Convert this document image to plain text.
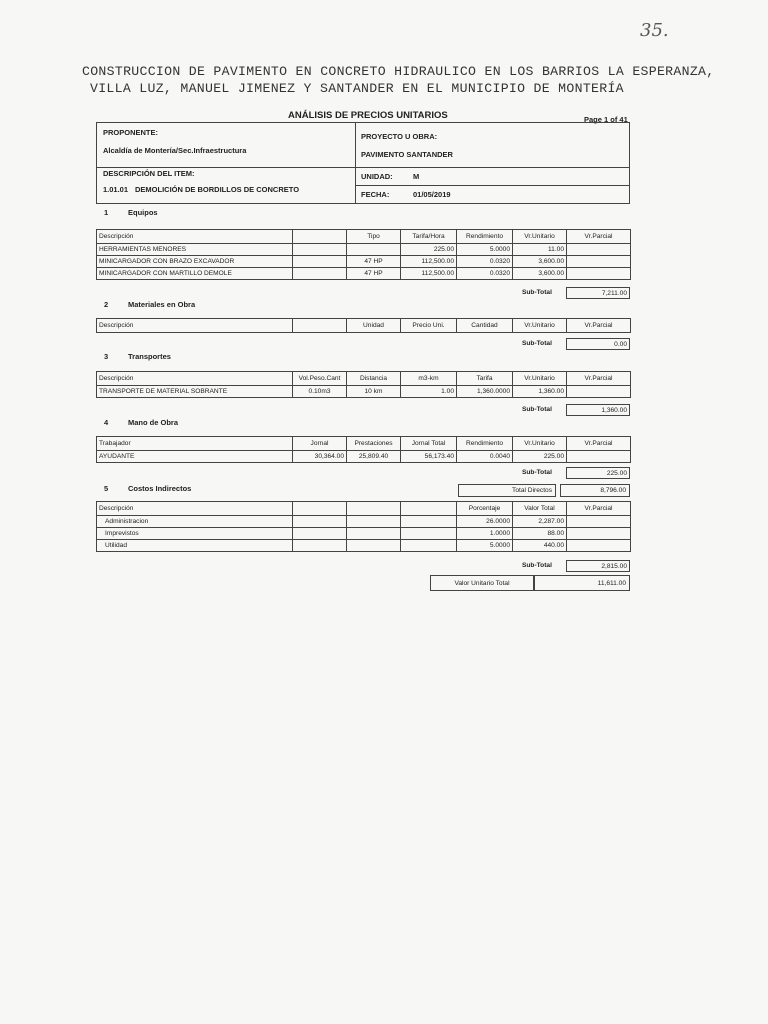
35.
CONSTRUCCION DE PAVIMENTO EN CONCRETO HIDRAULICO EN LOS BARRIOS LA ESPERANZA,
VILLA LUZ, MANUEL JIMENEZ Y SANTANDER EN EL MUNICIPIO DE MONTERÍA
ANÁLISIS DE PRECIOS UNITARIOS	Page 1 of 41
PROPONENTE:
Alcaldía de Montería/Sec.Infraestructura
PROYECTO U OBRA:
PAVIMENTO SANTANDER
DESCRIPCIÓN DEL ITEM:
1.01.01 DEMOLICIÓN DE BORDILLOS DE CONCRETO
UNIDAD:	M
FECHA:	01/05/2019
1	Equipos
Descripción		Tipo	Tarifa/Hora	Rendimiento	Vr.Unitario	Vr.Parcial
HERRAMIENTAS MENORES			225.00	5.0000	11.00	
MINICARGADOR CON BRAZO EXCAVADOR		47 HP	112,500.00	0.0320	3,600.00	
MINICARGADOR CON MARTILLO DEMOLE		47 HP	112,500.00	0.0320	3,600.00	
Sub-Total	7,211.00
2	Materiales en Obra
Descripción		Unidad	Precio Uni.	Cantidad	Vr.Unitario	Vr.Parcial
Sub-Total	0.00
3	Transportes
Descripción	Vol.Peso.Cant	Distancia	m3-km	Tarifa	Vr.Unitario	Vr.Parcial
TRANSPORTE DE MATERIAL SOBRANTE	0.10m3	10 km	1.00	1,360.0000	1,360.00	
Sub-Total	1,360.00
4	Mano de Obra
Trabajador	Jornal	Prestaciones	Jornal Total	Rendimiento	Vr.Unitario	Vr.Parcial
AYUDANTE	30,364.00	25,809.40	56,173.40	0.0040	225.00	
Sub-Total	225.00
5	Costos Indirectos	Total Directos	8,796.00
Descripción				Porcentaje	Valor Total	Vr.Parcial
Administracion				26.0000	2,287.00	
Imprevistos				1.0000	88.00	
Utilidad				5.0000	440.00	
Sub-Total	2,815.00
Valor Unitario Total	11,611.00
